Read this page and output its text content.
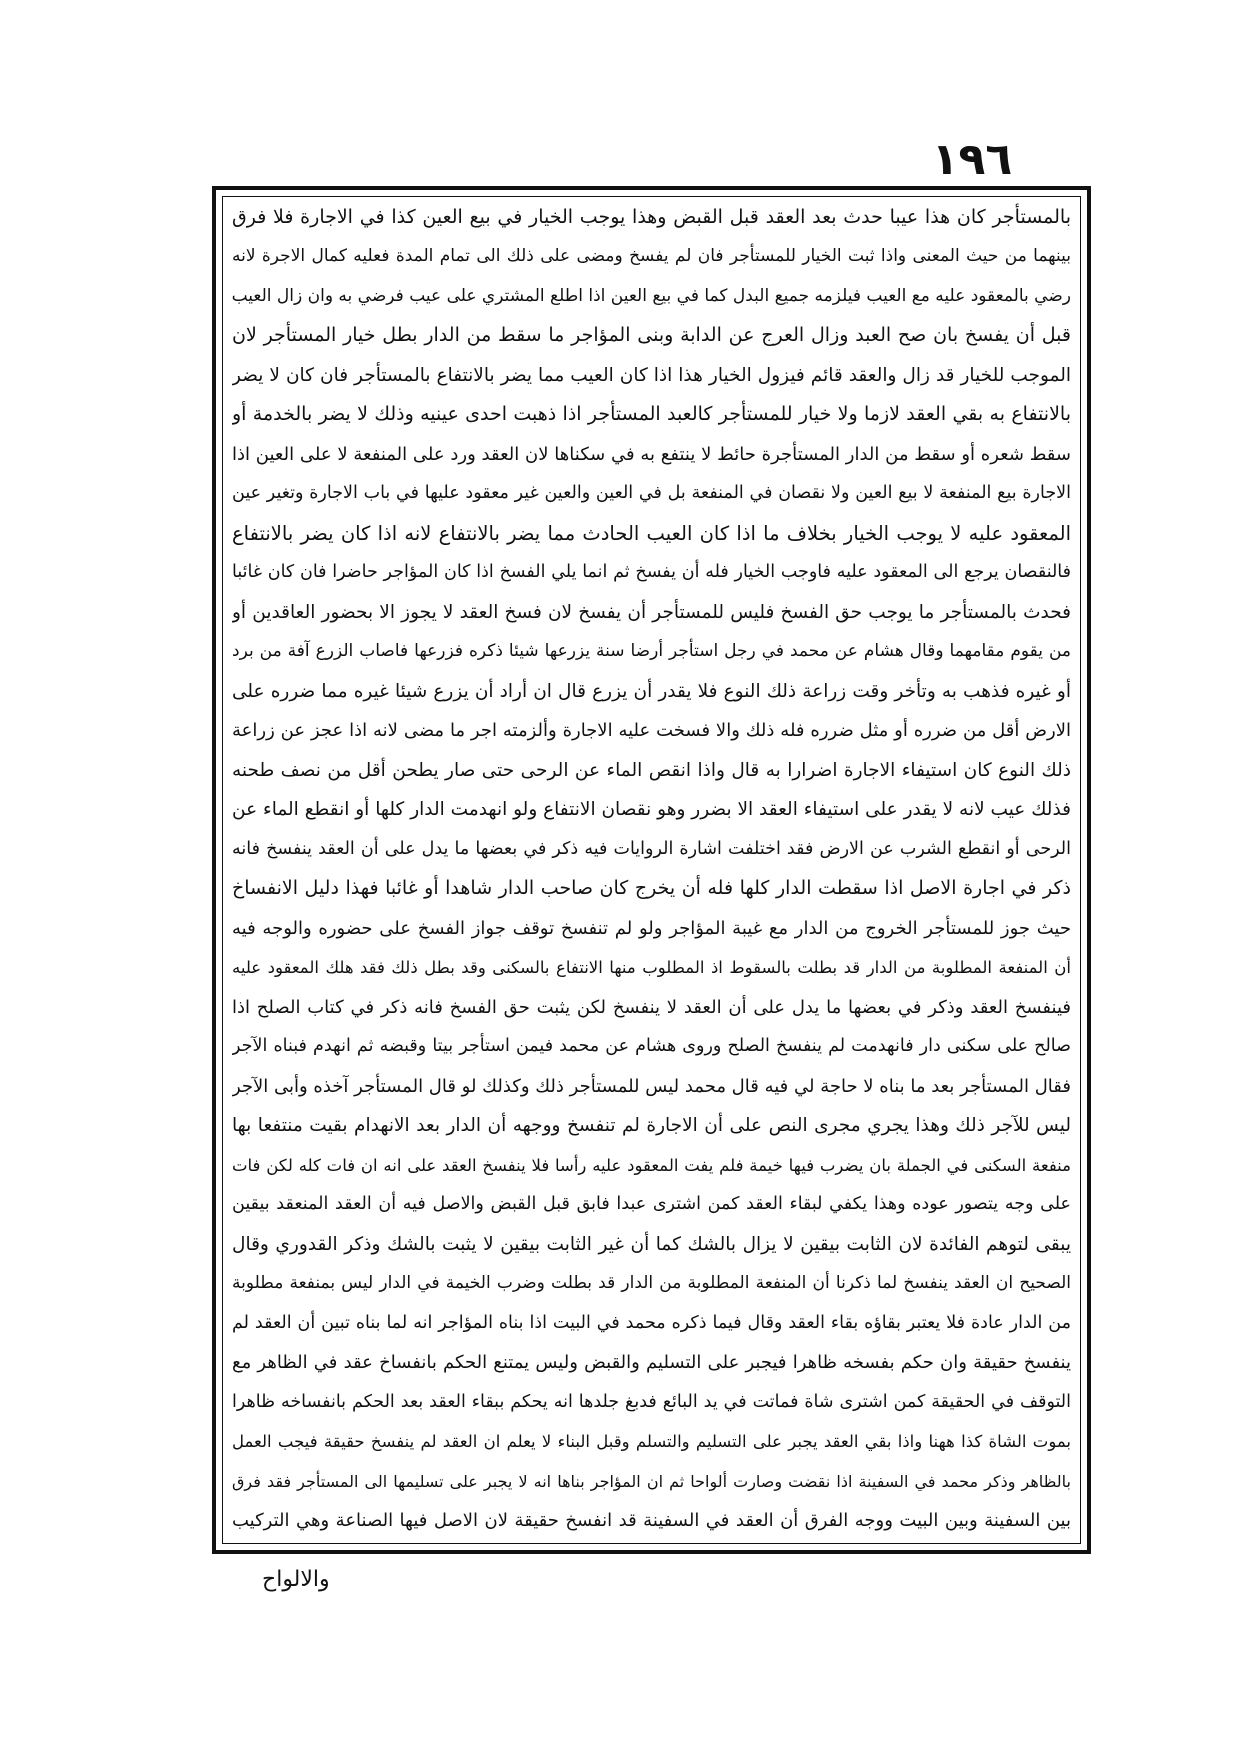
١٩٦
بالمستأجر كان هذا عيبا حدث بعد العقد قبل القبض وهذا يوجب الخيار في بيع العين كذا في الاجارة فلا فرق
بينهما من حيث المعنى واذا ثبت الخيار للمستأجر فان لم يفسخ ومضى على ذلك الى تمام المدة فعليه كمال الاجرة لانه
رضي بالمعقود عليه مع العيب فيلزمه جميع البدل كما في بيع العين اذا اطلع المشتري على عيب فرضي به وان زال العيب
قبل أن يفسخ بان صح العبد وزال العرج عن الدابة وبنى المؤاجر ما سقط من الدار بطل خيار المستأجر لان
الموجب للخيار قد زال والعقد قائم فيزول الخيار هذا اذا كان العيب مما يضر بالانتفاع بالمستأجر فان كان لا يضر
بالانتفاع به بقي العقد لازما ولا خيار للمستأجر كالعبد المستأجر اذا ذهبت احدى عينيه وذلك لا يضر بالخدمة أو
سقط شعره أو سقط من الدار المستأجرة حائط لا ينتفع به في سكناها لان العقد ورد على المنفعة لا على العين اذا
الاجارة بيع المنفعة لا بيع العين ولا نقصان في المنفعة بل في العين والعين غير معقود عليها في باب الاجارة وتغير عين
المعقود عليه لا يوجب الخيار بخلاف ما اذا كان العيب الحادث مما يضر بالانتفاع لانه اذا كان يضر بالانتفاع
فالنقصان يرجع الى المعقود عليه فاوجب الخيار فله أن يفسخ ثم انما يلي الفسخ اذا كان المؤاجر حاضرا فان كان غائبا
فحدث بالمستأجر ما يوجب حق الفسخ فليس للمستأجر أن يفسخ لان فسخ العقد لا يجوز الا بحضور العاقدين أو
من يقوم مقامهما وقال هشام عن محمد في رجل استأجر أرضا سنة يزرعها شيئا ذكره فزرعها فاصاب الزرع آفة من برد
أو غيره فذهب به وتأخر وقت زراعة ذلك النوع فلا يقدر أن يزرع قال ان أراد أن يزرع شيئا غيره مما ضرره على
الارض أقل من ضرره أو مثل ضرره فله ذلك والا فسخت عليه الاجارة وألزمته اجر ما مضى لانه اذا عجز عن زراعة
ذلك النوع كان استيفاء الاجارة اضرارا به قال واذا انقص الماء عن الرحى حتى صار يطحن أقل من نصف طحنه
فذلك عيب لانه لا يقدر على استيفاء العقد الا بضرر وهو نقصان الانتفاع ولو انهدمت الدار كلها أو انقطع الماء عن
الرحى أو انقطع الشرب عن الارض فقد اختلفت اشارة الروايات فيه ذكر في بعضها ما يدل على أن العقد ينفسخ فانه
ذكر في اجارة الاصل اذا سقطت الدار كلها فله أن يخرج كان صاحب الدار شاهدا أو غائبا فهذا دليل الانفساخ
حيث جوز للمستأجر الخروج من الدار مع غيبة المؤاجر ولو لم تنفسخ توقف جواز الفسخ على حضوره والوجه فيه
أن المنفعة المطلوبة من الدار قد بطلت بالسقوط اذ المطلوب منها الانتفاع بالسكنى وقد بطل ذلك فقد هلك المعقود عليه
فينفسخ العقد وذكر في بعضها ما يدل على أن العقد لا ينفسخ لكن يثبت حق الفسخ فانه ذكر في كتاب الصلح اذا
صالح على سكنى دار فانهدمت لم ينفسخ الصلح وروى هشام عن محمد فيمن استأجر بيتا وقبضه ثم انهدم فبناه الآجر
فقال المستأجر بعد ما بناه لا حاجة لي فيه قال محمد ليس للمستأجر ذلك وكذلك لو قال المستأجر آخذه وأبى الآجر
ليس للآجر ذلك وهذا يجري مجرى النص على أن الاجارة لم تنفسخ ووجهه أن الدار بعد الانهدام بقيت منتفعا بها
منفعة السكنى في الجملة بان يضرب فيها خيمة فلم يفت المعقود عليه رأسا فلا ينفسخ العقد على انه ان فات كله لكن فات
على وجه يتصور عوده وهذا يكفي لبقاء العقد كمن اشترى عبدا فابق قبل القبض والاصل فيه أن العقد المنعقد بيقين
يبقى لتوهم الفائدة لان الثابت بيقين لا يزال بالشك كما أن غير الثابت بيقين لا يثبت بالشك وذكر القدوري وقال
الصحيح ان العقد ينفسخ لما ذكرنا أن المنفعة المطلوبة من الدار قد بطلت وضرب الخيمة في الدار ليس بمنفعة مطلوبة
من الدار عادة فلا يعتبر بقاؤه بقاء العقد وقال فيما ذكره محمد في البيت اذا بناه المؤاجر انه لما بناه تبين أن العقد لم
ينفسخ حقيقة وان حكم بفسخه ظاهرا فيجبر على التسليم والقبض وليس يمتنع الحكم بانفساخ عقد في الظاهر مع
التوقف في الحقيقة كمن اشترى شاة فماتت في يد البائع فدبغ جلدها انه يحكم ببقاء العقد بعد الحكم بانفساخه ظاهرا
بموت الشاة كذا ههنا واذا بقي العقد يجبر على التسليم والتسلم وقبل البناء لا يعلم ان العقد لم ينفسخ حقيقة فيجب العمل
بالظاهر وذكر محمد في السفينة اذا نقضت وصارت ألواحا ثم ان المؤاجر بناها انه لا يجبر على تسليمها الى المستأجر فقد فرق
بين السفينة وبين البيت ووجه الفرق أن العقد في السفينة قد انفسخ حقيقة لان الاصل فيها الصناعة وهي التركيب
والالواح
